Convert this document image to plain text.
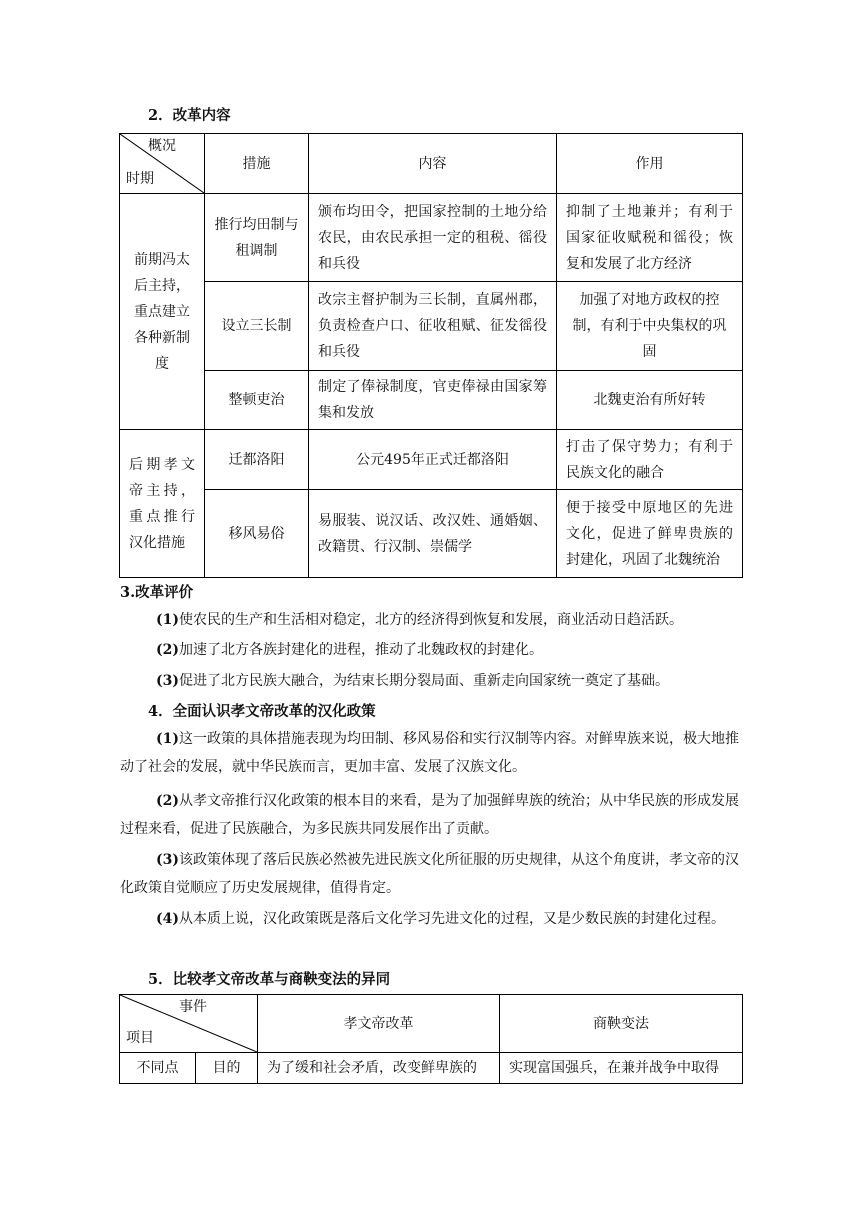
2．改革内容
概况
时期	措施	内容	作用
前期冯太后主持，重点建立各种新制度	推行均田制与租调制	颁布均田令，把国家控制的土地分给农民，由农民承担一定的租税、徭役和兵役	抑制了土地兼并；有利于国家征收赋税和徭役；恢复和发展了北方经济
	设立三长制	改宗主督护制为三长制，直属州郡，负责检查户口、征收租赋、征发徭役和兵役	加强了对地方政权的控制，有利于中央集权的巩固
	整顿吏治	制定了俸禄制度，官吏俸禄由国家筹集和发放	北魏吏治有所好转
后期孝文帝主持，重点推行汉化措施	迁都洛阳	公元495年正式迁都洛阳	打击了保守势力；有利于民族文化的融合
	移风易俗	易服装、说汉话、改汉姓、通婚姻、改籍贯、行汉制、崇儒学	便于接受中原地区的先进文化，促进了鲜卑贵族的封建化，巩固了北魏统治
3.改革评价
(1)使农民的生产和生活相对稳定，北方的经济得到恢复和发展，商业活动日趋活跃。
(2)加速了北方各族封建化的进程，推动了北魏政权的封建化。
(3)促进了北方民族大融合，为结束长期分裂局面、重新走向国家统一奠定了基础。
4．全面认识孝文帝改革的汉化政策
(1)这一政策的具体措施表现为均田制、移风易俗和实行汉制等内容。对鲜卑族来说，极大地推动了社会的发展，就中华民族而言，更加丰富、发展了汉族文化。
(2)从孝文帝推行汉化政策的根本目的来看，是为了加强鲜卑族的统治；从中华民族的形成发展过程来看，促进了民族融合，为多民族共同发展作出了贡献。
(3)该政策体现了落后民族必然被先进民族文化所征服的历史规律，从这个角度讲，孝文帝的汉化政策自觉顺应了历史发展规律，值得肯定。
(4)从本质上说，汉化政策既是落后文化学习先进文化的过程，又是少数民族的封建化过程。
5．比较孝文帝改革与商鞅变法的异同
事件
项目		孝文帝改革	商鞅变法
不同点	目的	为了缓和社会矛盾，改变鲜卑族的	实现富国强兵，在兼并战争中取得
